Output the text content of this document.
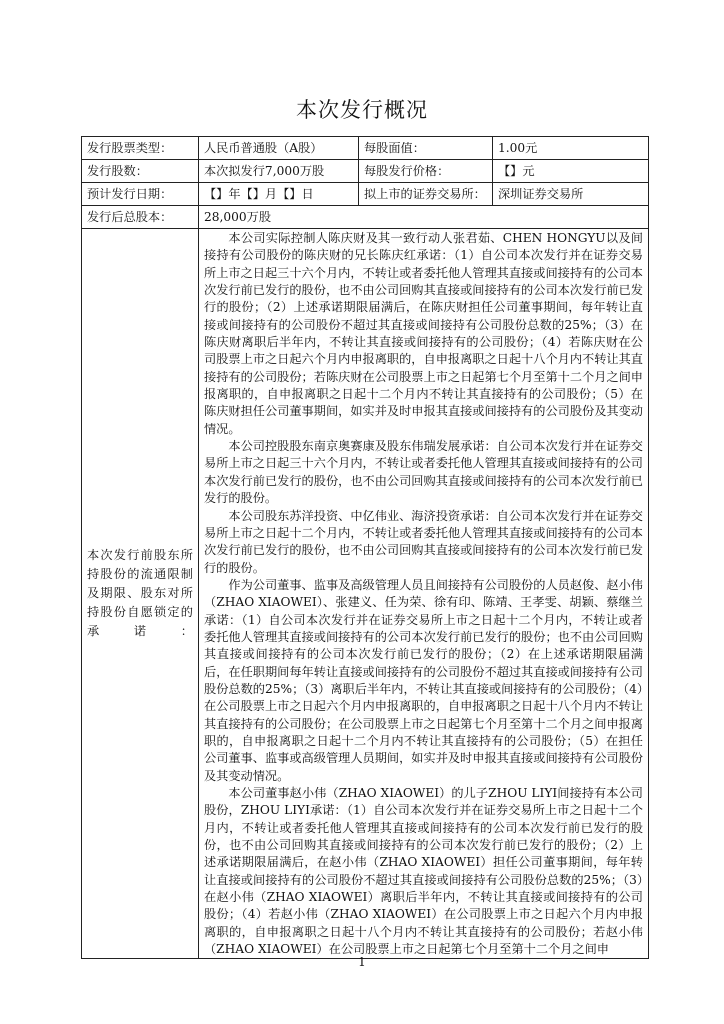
本次发行概况
发行股票类型：	人民币普通股（A股）	每股面值：	1.00元
发行股数：	本次拟发行7,000万股	每股发行价格：	【】元
预计发行日期：	【】年【】月【】日	拟上市的证券交易所：	深圳证券交易所
发行后总股本：	28,000万股		
本次发行前股东所持股份的流通限制及期限、股东对所持股份自愿锁定的承诺：	本公司实际控制人陈庆财及其一致行动人张君茹、CHEN HONGYU以及间接持有公司股份的陈庆财的兄长陈庆红承诺：（1）自公司本次发行并在证券交易所上市之日起三十六个月内，不转让或者委托他人管理其直接或间接持有的公司本次发行前已发行的股份，也不由公司回购其直接或间接持有的公司本次发行前已发行的股份；（2）上述承诺期限届满后，在陈庆财担任公司董事期间，每年转让直接或间接持有的公司股份不超过其直接或间接持有公司股份总数的25%；（3）在陈庆财离职后半年内，不转让其直接或间接持有的公司股份；（4）若陈庆财在公司股票上市之日起六个月内申报离职的，自申报离职之日起十八个月内不转让其直接持有的公司股份；若陈庆财在公司股票上市之日起第七个月至第十二个月之间申报离职的，自申报离职之日起十二个月内不转让其直接持有的公司股份；（5）在陈庆财担任公司董事期间，如实并及时申报其直接或间接持有的公司股份及其变动情况。

本公司控股股东南京奥赛康及股东伟瑞发展承诺：自公司本次发行并在证券交易所上市之日起三十六个月内，不转让或者委托他人管理其直接或间接持有的公司本次发行前已发行的股份，也不由公司回购其直接或间接持有的公司本次发行前已发行的股份。

本公司股东苏洋投资、中亿伟业、海济投资承诺：自公司本次发行并在证券交易所上市之日起十二个月内，不转让或者委托他人管理其直接或间接持有的公司本次发行前已发行的股份，也不由公司回购其直接或间接持有的公司本次发行前已发行的股份。

作为公司董事、监事及高级管理人员且间接持有公司股份的人员赵俊、赵小伟（ZHAO XIAOWEI）、张建义、任为荣、徐有印、陈靖、王孝雯、胡颖、蔡继兰承诺：（1）自公司本次发行并在证券交易所上市之日起十二个月内，不转让或者委托他人管理其直接或间接持有的公司本次发行前已发行的股份；也不由公司回购其直接或间接持有的公司本次发行前已发行的股份；（2）在上述承诺期限届满后，在任职期间每年转让直接或间接持有的公司股份不超过其直接或间接持有公司股份总数的25%；（3）离职后半年内，不转让其直接或间接持有的公司股份；（4）在公司股票上市之日起六个月内申报离职的，自申报离职之日起十八个月内不转让其直接持有的公司股份；在公司股票上市之日起第七个月至第十二个月之间申报离职的，自申报离职之日起十二个月内不转让其直接持有的公司股份；（5）在担任公司董事、监事或高级管理人员期间，如实并及时申报其直接或间接持有公司股份及其变动情况。

本公司董事赵小伟（ZHAO XIAOWEI）的儿子ZHOU LIYI间接持有本公司股份，ZHOU LIYI承诺：（1）自公司本次发行并在证券交易所上市之日起十二个月内，不转让或者委托他人管理其直接或间接持有的公司本次发行前已发行的股份，也不由公司回购其直接或间接持有的公司本次发行前已发行的股份；（2）上述承诺期限届满后，在赵小伟（ZHAO XIAOWEI）担任公司董事期间，每年转让直接或间接持有的公司股份不超过其直接或间接持有公司股份总数的25%；（3）在赵小伟（ZHAO XIAOWEI）离职后半年内，不转让其直接或间接持有的公司股份；（4）若赵小伟（ZHAO XIAOWEI）在公司股票上市之日起六个月内申报离职的，自申报离职之日起十八个月内不转让其直接持有的公司股份；若赵小伟（ZHAO XIAOWEI）在公司股票上市之日起第七个月至第十二个月之间申		

1
